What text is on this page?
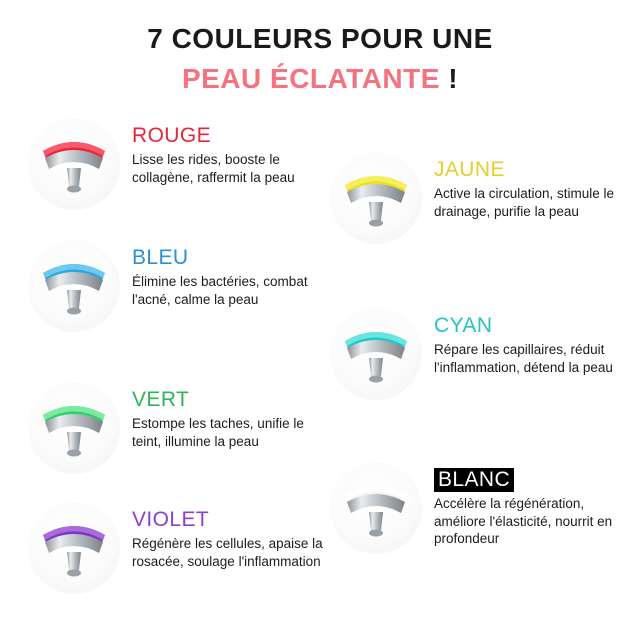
7 COULEURS POUR UNE
PEAU ÉCLATANTE !
ROUGE
Lisse les rides, booste le collagène, raffermit la peau	JAUNE
Active la circulation, stimule le drainage, purifie la peau
BLEU
Élimine les bactéries, combat l'acné, calme la peau
CYAN
Répare les capillaires, réduit l'inflammation, détend la peau
VERT
Estompe les taches, unifie le teint, illumine la peau
BLANC
Accélère la régénération, améliore l'élasticité, nourrit en profondeur
VIOLET
Régénère les cellules, apaise la rosacée, soulage l'inflammation
